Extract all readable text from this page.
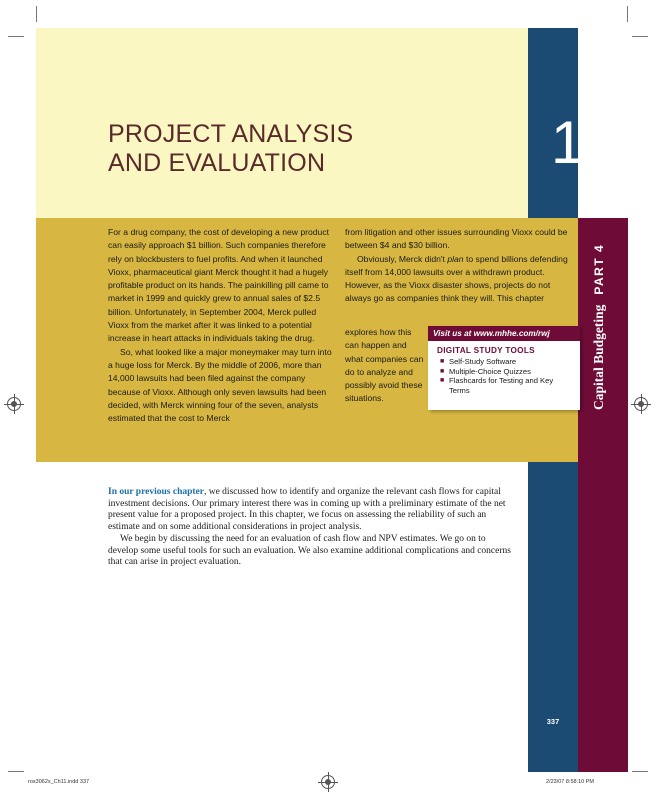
PROJECT ANALYSIS
AND EVALUATION	11

For a drug company, the cost of developing a new product can easily approach $1 billion. Such companies therefore rely on blockbusters to fuel profits. And when it launched Vioxx, pharmaceutical giant Merck thought it had a hugely profitable product on its hands. The painkilling pill came to market in 1999 and quickly grew to annual sales of $2.5 billion. Unfortunately, in September 2004, Merck pulled Vioxx from the market after it was linked to a potential increase in heart attacks in individuals taking the drug.

So, what looked like a major moneymaker may turn into a huge loss for Merck. By the middle of 2006, more than 14,000 lawsuits had been filed against the company because of Vioxx. Although only seven lawsuits had been decided, with Merck winning four of the seven, analysts estimated that the cost to Merck

from litigation and other issues surrounding Vioxx could be between $4 and $30 billion.

Obviously, Merck didn't plan to spend billions defending itself from 14,000 lawsuits over a withdrawn product. However, as the Vioxx disaster shows, projects do not always go as companies think they will. This chapter

explores how this can happen and what companies can do to analyze and possibly avoid these situations.

Visit us at www.mhhe.com/rwj
DIGITAL STUDY TOOLS
■ Self-Study Software
■ Multiple-Choice Quizzes
■ Flashcards for Testing and Key Terms	Capital BudgetingPART 4

In our previous chapter, we discussed how to identify and organize the relevant cash flows for capital investment decisions. Our primary interest there was in coming up with a preliminary estimate of the net present value for a proposed project. In this chapter, we focus on assessing the reliability of such an estimate and on some additional considerations in project analysis.

We begin by discussing the need for an evaluation of cash flow and NPV estimates. We go on to develop some useful tools for such an evaluation. We also examine additional complications and concerns that can arise in project evaluation.

337
ros3062x_Ch11.indd 337	2/23/07 8:58:10 PM
